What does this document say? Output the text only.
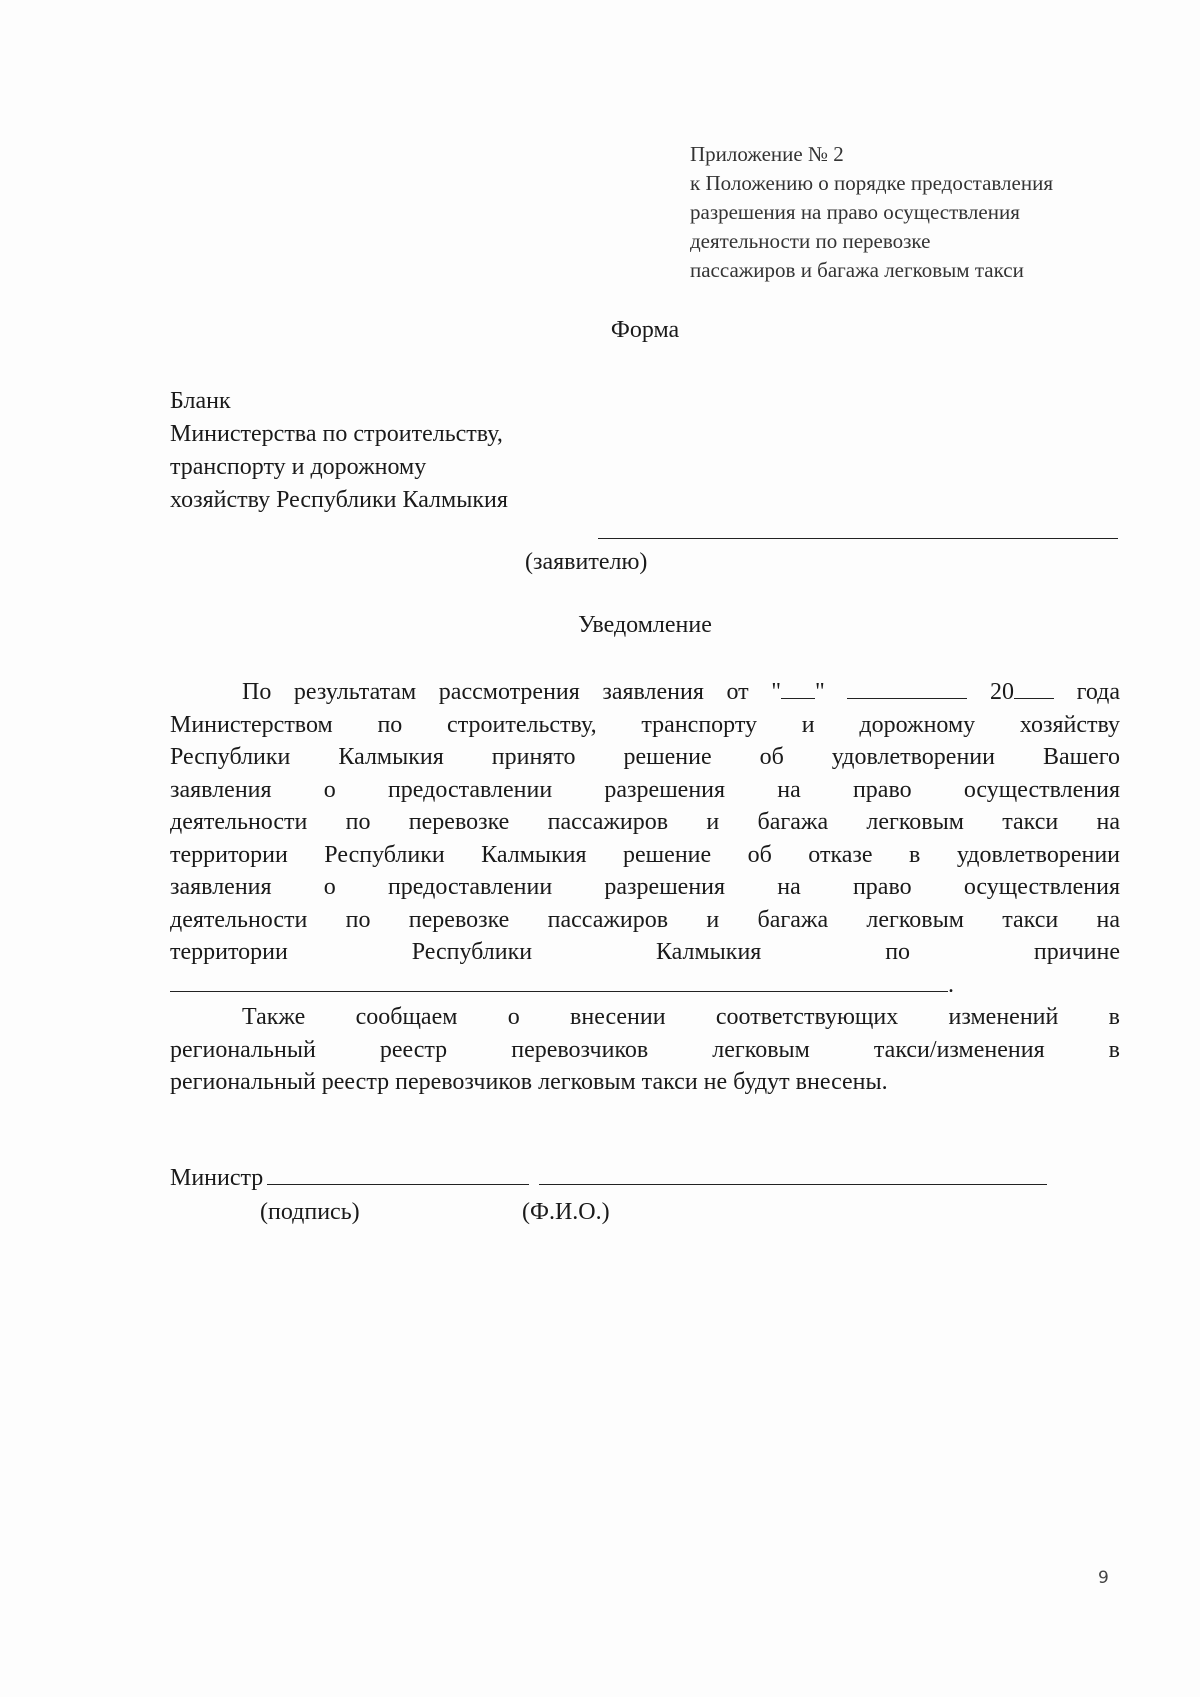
Приложение № 2
к Положению о порядке предоставления
разрешения на право осуществления
деятельности по перевозке
пассажиров и багажа легковым такси
Форма
Бланк
Министерства по строительству,
транспорту и дорожному
хозяйству Республики Калмыкия
(заявителю)
Уведомление
По результатам рассмотрения заявления от " "	20	года
Министерством по строительству, транспорту и дорожному хозяйству
Республики Калмыкия принято решение об удовлетворении Вашего
заявления о предоставлении разрешения на право осуществления
деятельности по перевозке пассажиров и багажа легковым такси на
территории Республики Калмыкия решение об отказе в удовлетворении
заявления о предоставлении разрешения на право осуществления
деятельности по перевозке пассажиров и багажа легковым такси на
территории Республики Калмыкия по причине
.
Также сообщаем о внесении соответствующих изменений в
региональный реестр перевозчиков легковым такси/изменения в
региональный реестр перевозчиков легковым такси не будут внесены.
Министр
(подпись)	(Ф.И.О.)
9
